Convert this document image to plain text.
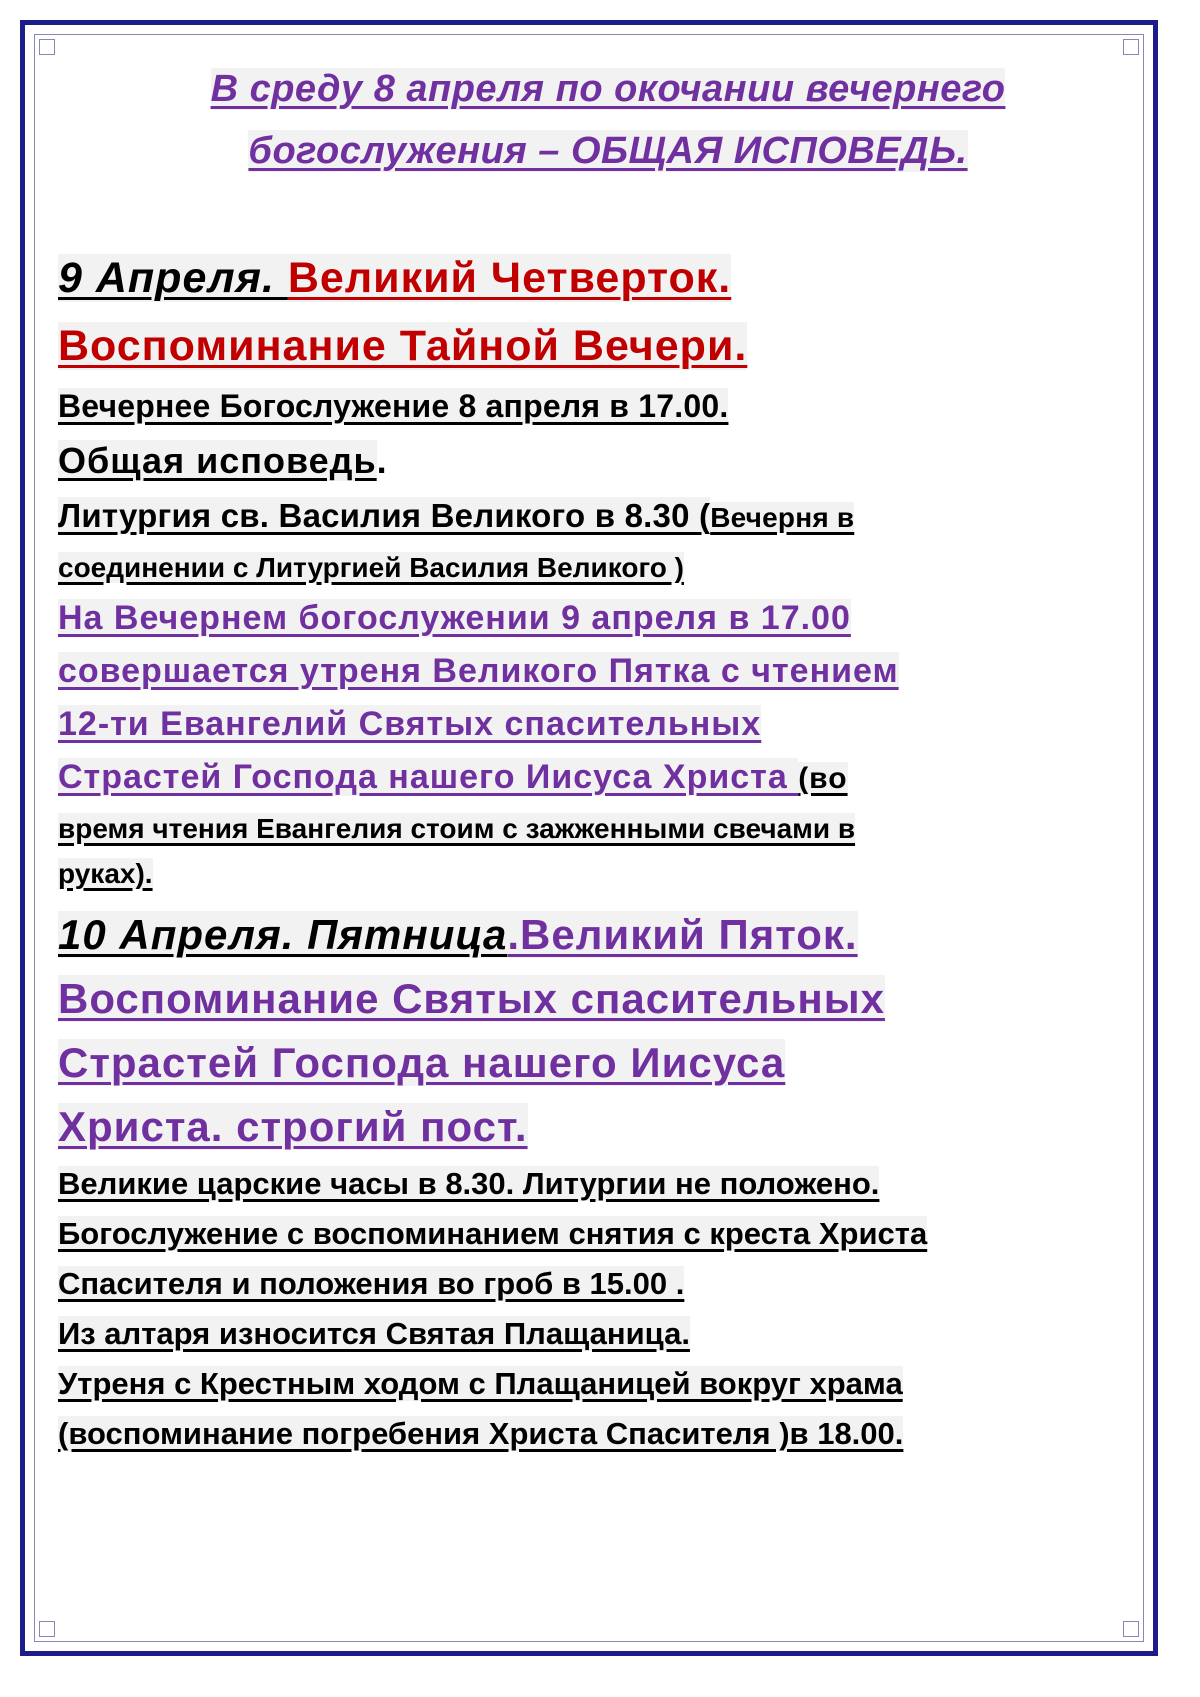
В среду 8 апреля по окочании вечернего
богослужения – ОБЩАЯ ИСПОВЕДЬ.

9 Апреля. Великий Четверток.

Воспоминание Тайной Вечери.

Вечернее Богослужение 8 апреля в 17.00.

Общая исповедь.

Литургия св. Василия Великого в 8.30 (Вечерня в

соединении с Литургией Василия Великого )

На Вечернем богослужении 9 апреля в 17.00

совершается утреня Великого Пятка с чтением

12-ти Евангелий Святых спасительных

Страстей Господа нашего Иисуса Христа (во

время чтения Евангелия стоим с зажженными свечами в

руках).

10 Апреля. Пятница.Великий Пяток.

Воспоминание Святых спасительных

Страстей Господа нашего Иисуса

Христа. строгий пост.

Великие царские часы в 8.30. Литургии не положено.

Богослужение с воспоминанием снятия с креста Христа

Спасителя и положения во гроб в 15.00 .

Из алтаря износится Святая Плащаница.

Утреня с Крестным ходом с Плащаницей вокруг храма

(воспоминание погребения Христа Спасителя )в 18.00.
